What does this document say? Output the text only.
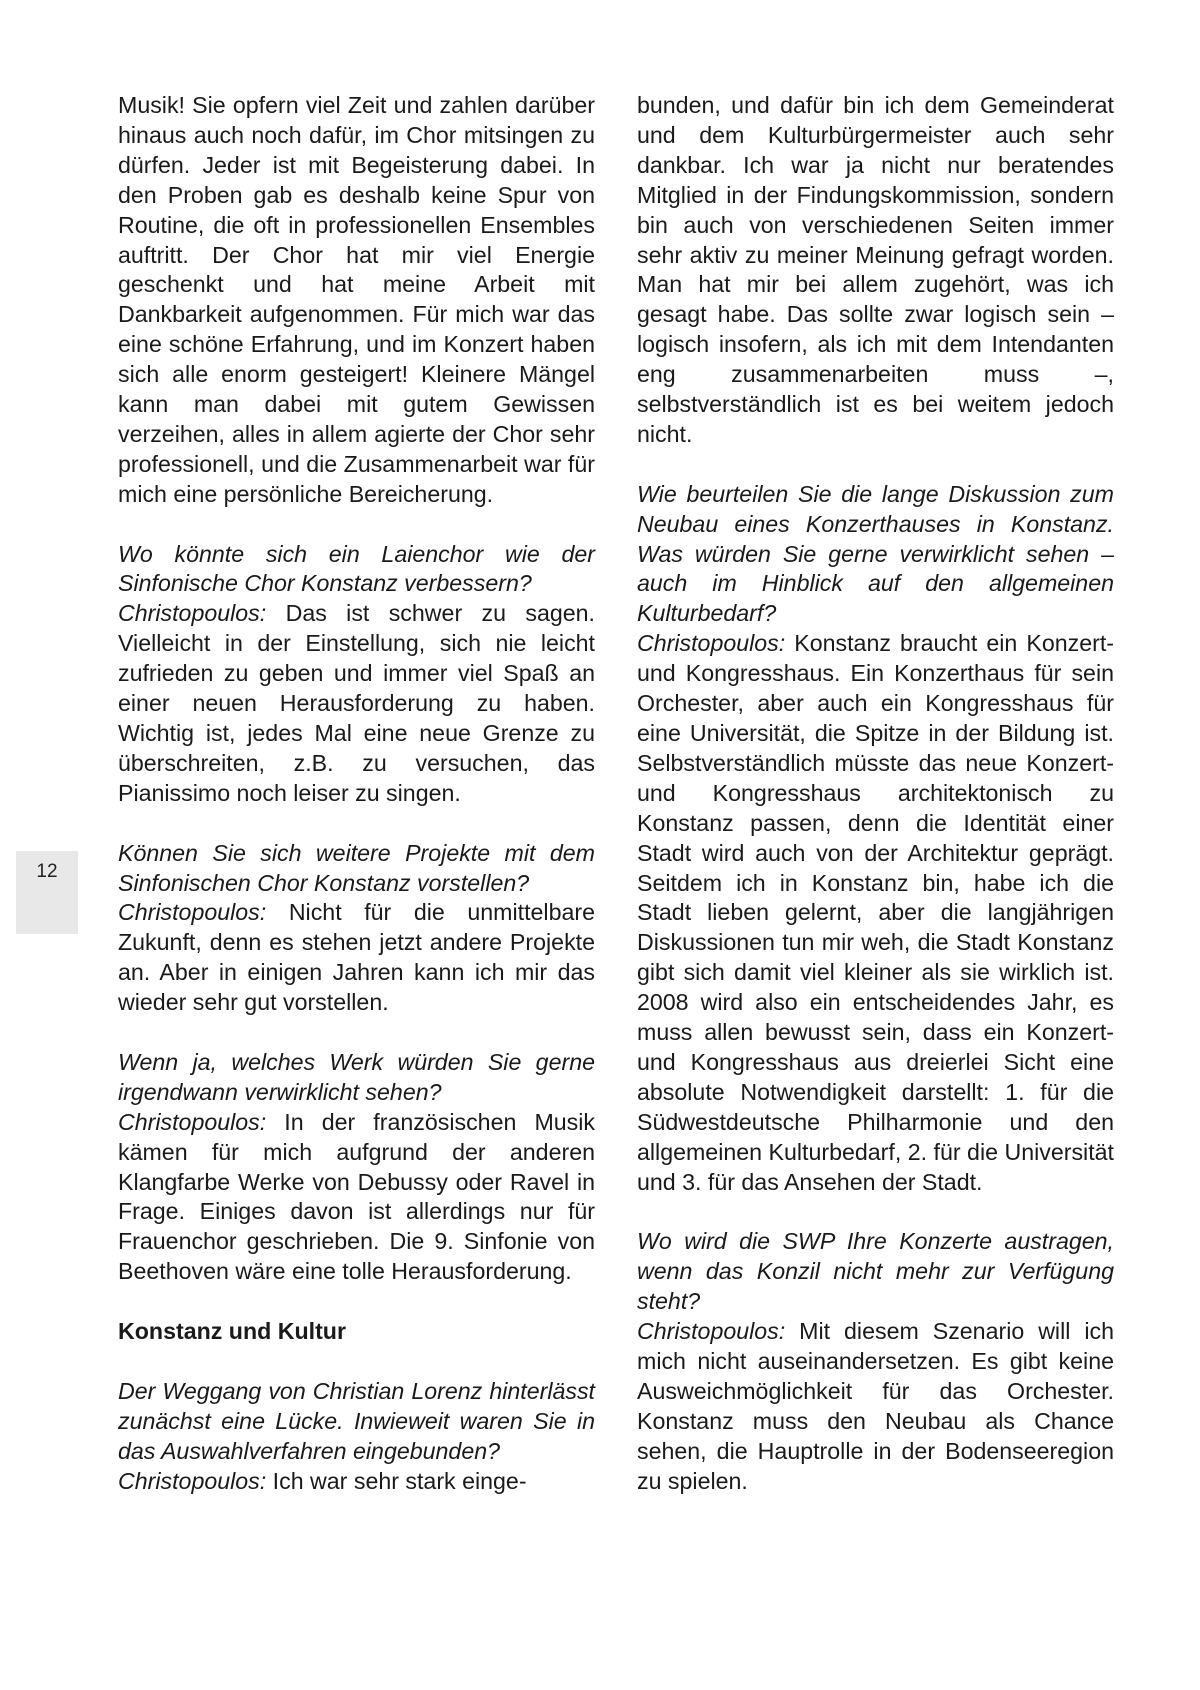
12

Musik! Sie opfern viel Zeit und zahlen darüber hinaus auch noch dafür, im Chor mitsingen zu dürfen. Jeder ist mit Begeisterung dabei. In den Proben gab es deshalb keine Spur von Routine, die oft in professionellen Ensembles auftritt. Der Chor hat mir viel Energie geschenkt und hat meine Arbeit mit Dankbarkeit aufgenommen. Für mich war das eine schöne Erfahrung, und im Konzert haben sich alle enorm gesteigert! Kleinere Mängel kann man dabei mit gutem Gewissen verzeihen, alles in allem agierte der Chor sehr professionell, und die Zusammenarbeit war für mich eine persönliche Bereicherung.

Wo könnte sich ein Laienchor wie der Sinfonische Chor Konstanz verbessern?
Christopoulos: Das ist schwer zu sagen. Vielleicht in der Einstellung, sich nie leicht zufrieden zu geben und immer viel Spaß an einer neuen Herausforderung zu haben. Wichtig ist, jedes Mal eine neue Grenze zu überschreiten, z.B. zu versuchen, das Pianissimo noch leiser zu singen.

Können Sie sich weitere Projekte mit dem Sinfonischen Chor Konstanz vorstellen?
Christopoulos: Nicht für die unmittelbare Zukunft, denn es stehen jetzt andere Projekte an. Aber in einigen Jahren kann ich mir das wieder sehr gut vorstellen.

Wenn ja, welches Werk würden Sie gerne irgendwann verwirklicht sehen?
Christopoulos: In der französischen Musik kämen für mich aufgrund der anderen Klangfarbe Werke von Debussy oder Ravel in Frage. Einiges davon ist allerdings nur für Frauenchor geschrieben. Die 9. Sinfonie von Beethoven wäre eine tolle Herausforderung.

Konstanz und Kultur

Der Weggang von Christian Lorenz hinterlässt zunächst eine Lücke. Inwieweit waren Sie in das Auswahlverfahren eingebunden?
Christopoulos: Ich war sehr stark einge-

bunden, und dafür bin ich dem Gemeinderat und dem Kulturbürgermeister auch sehr dankbar. Ich war ja nicht nur beratendes Mitglied in der Findungskommission, sondern bin auch von verschiedenen Seiten immer sehr aktiv zu meiner Meinung gefragt worden. Man hat mir bei allem zugehört, was ich gesagt habe. Das sollte zwar logisch sein – logisch insofern, als ich mit dem Intendanten eng zusammenarbeiten muss –, selbstverständlich ist es bei weitem jedoch nicht.

Wie beurteilen Sie die lange Diskussion zum Neubau eines Konzerthauses in Konstanz. Was würden Sie gerne verwirklicht sehen – auch im Hinblick auf den allgemeinen Kulturbedarf?
Christopoulos: Konstanz braucht ein Konzert- und Kongresshaus. Ein Konzerthaus für sein Orchester, aber auch ein Kongresshaus für eine Universität, die Spitze in der Bildung ist. Selbstverständlich müsste das neue Konzert- und Kongresshaus architektonisch zu Konstanz passen, denn die Identität einer Stadt wird auch von der Architektur geprägt. Seitdem ich in Konstanz bin, habe ich die Stadt lieben gelernt, aber die langjährigen Diskussionen tun mir weh, die Stadt Konstanz gibt sich damit viel kleiner als sie wirklich ist. 2008 wird also ein entscheidendes Jahr, es muss allen bewusst sein, dass ein Konzert- und Kongresshaus aus dreierlei Sicht eine absolute Notwendigkeit darstellt: 1. für die Südwestdeutsche Philharmonie und den allgemeinen Kulturbedarf, 2. für die Universität und 3. für das Ansehen der Stadt.

Wo wird die SWP Ihre Konzerte austragen, wenn das Konzil nicht mehr zur Verfügung steht?
Christopoulos: Mit diesem Szenario will ich mich nicht auseinandersetzen. Es gibt keine Ausweichmöglichkeit für das Orchester. Konstanz muss den Neubau als Chance sehen, die Hauptrolle in der Bodenseeregion zu spielen.
